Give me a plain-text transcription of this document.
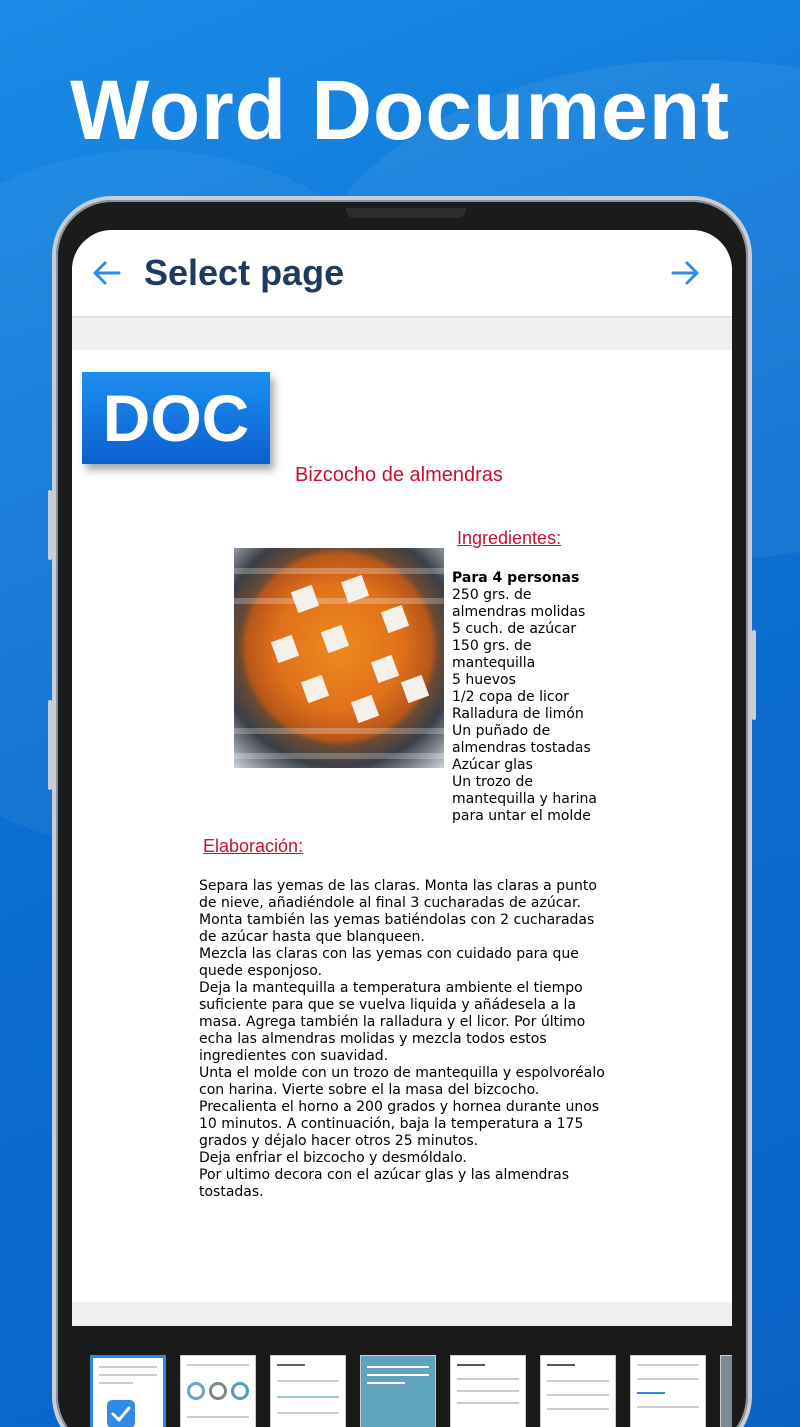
Word Document
Select page
DOC
Bizcocho de almendras
Ingredientes:
Para 4 personas
250 grs. de
almendras molidas
5 cuch. de azúcar
150 grs. de
mantequilla
5 huevos
1/2 copa de licor
Ralladura de limón
Un puñado de
almendras tostadas
Azúcar glas
Un trozo de
mantequilla y harina
para untar el molde
Elaboración:
Separa las yemas de las claras. Monta las claras a punto
de nieve, añadiéndole al final 3 cucharadas de azúcar.
Monta también las yemas batiéndolas con 2 cucharadas
de azúcar hasta que blanqueen.
Mezcla las claras con las yemas con cuidado para que
quede esponjoso.
Deja la mantequilla a temperatura ambiente el tiempo
suficiente para que se vuelva liquida y añádesela a la
masa. Agrega también la ralladura y el licor. Por último
echa las almendras molidas y mezcla todos estos
ingredientes con suavidad.
Unta el molde con un trozo de mantequilla y espolvoréalo
con harina. Vierte sobre el la masa del bizcocho.
Precalienta el horno a 200 grados y hornea durante unos
10 minutos. A continuación, baja la temperatura a 175
grados y déjalo hacer otros 25 minutos.
Deja enfriar el bizcocho y desmóldalo.
Por ultimo decora con el azúcar glas y las almendras
tostadas.
